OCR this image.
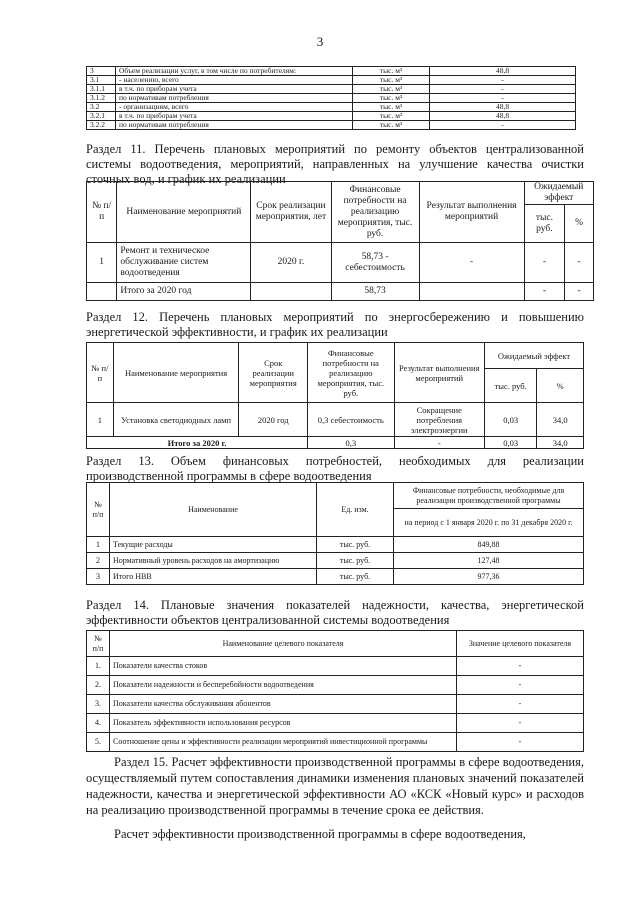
3
3	Объем реализации услуг, в том числе по потребителям:	тыс. м³	48,8
3.1	- населению, всего	тыс. м³	-
3.1.1	в т.ч. по приборам учета	тыс. м³	-
3.1.2	по нормативам потребления	тыс. м³	-
3.2	- организациям, всего	тыс. м³	48,8
3.2.1	в т.ч. по приборам учета	тыс. м³	48,8
3.2.2	по нормативам потребления	тыс. м³	-
Раздел 11. Перечень плановых мероприятий по ремонту объектов централизованной системы водоотведения, мероприятий, направленных на улучшение качества очистки сточных вод, и график их реализации
№ п/п	Наименование мероприятий	Срок реализации мероприятия, лет	Финансовые потребности на реализацию мероприятия, тыс. руб.	Результат выполнения мероприятий	Ожидаемый эффект	
					тыс. руб.	%
1	Ремонт и техническое обслуживание систем водоотведения	2020 г.	58,73 - себестоимость	-	-	-
	Итого за 2020 год		58,73		-	-
Раздел 12. Перечень плановых мероприятий по энергосбережению и повышению энергетической эффективности, и график их реализации
№ п/п	Наименование мероприятия	Срок реализации мероприятия	Финансовые потребности на реализацию мероприятия, тыс. руб.	Результат выполнения мероприятий	Ожидаемый эффект	
					тыс. руб.	%
1	Установка светодиодных ламп	2020 год	0,3 себестоимость	Сокращение потребления электроэнергии	0,03	34,0
Итого за 2020 г.			0,3	-	0,03	34,0
Раздел 13. Объем финансовых потребностей, необходимых для реализации производственной программы в сфере водоотведения
№ п/п	Наименование	Ед. изм.	Финансовые потребности, необходимые для реализации производственной программы
			на период с 1 января 2020 г. по 31 декабря 2020 г.
1	Текущие расходы	тыс. руб.	849,88
2	Нормативный уровень расходов на амортизацию	тыс. руб.	127,48
3	Итого НВВ	тыс. руб.	977,36
Раздел 14. Плановые значения показателей надежности, качества, энергетической эффективности объектов централизованной системы водоотведения
№ п/п	Наименование целевого показателя	Значение целевого показателя
1.	Показатели качества стоков	-
2.	Показатели надежности и бесперебойности водоотведения	-
3.	Показатели качества обслуживания абонентов	-
4.	Показатель эффективности использования ресурсов	-
5.	Соотношение цены и эффективности реализации мероприятий инвестиционной программы	-
Раздел 15. Расчет эффективности производственной программы в сфере водоотведения, осуществляемый путем сопоставления динамики изменения плановых значений показателей надежности, качества и энергетической эффективности АО «КСК «Новый курс» и расходов на реализацию производственной программы в течение срока ее действия.
Расчет эффективности производственной программы в сфере водоотведения,
